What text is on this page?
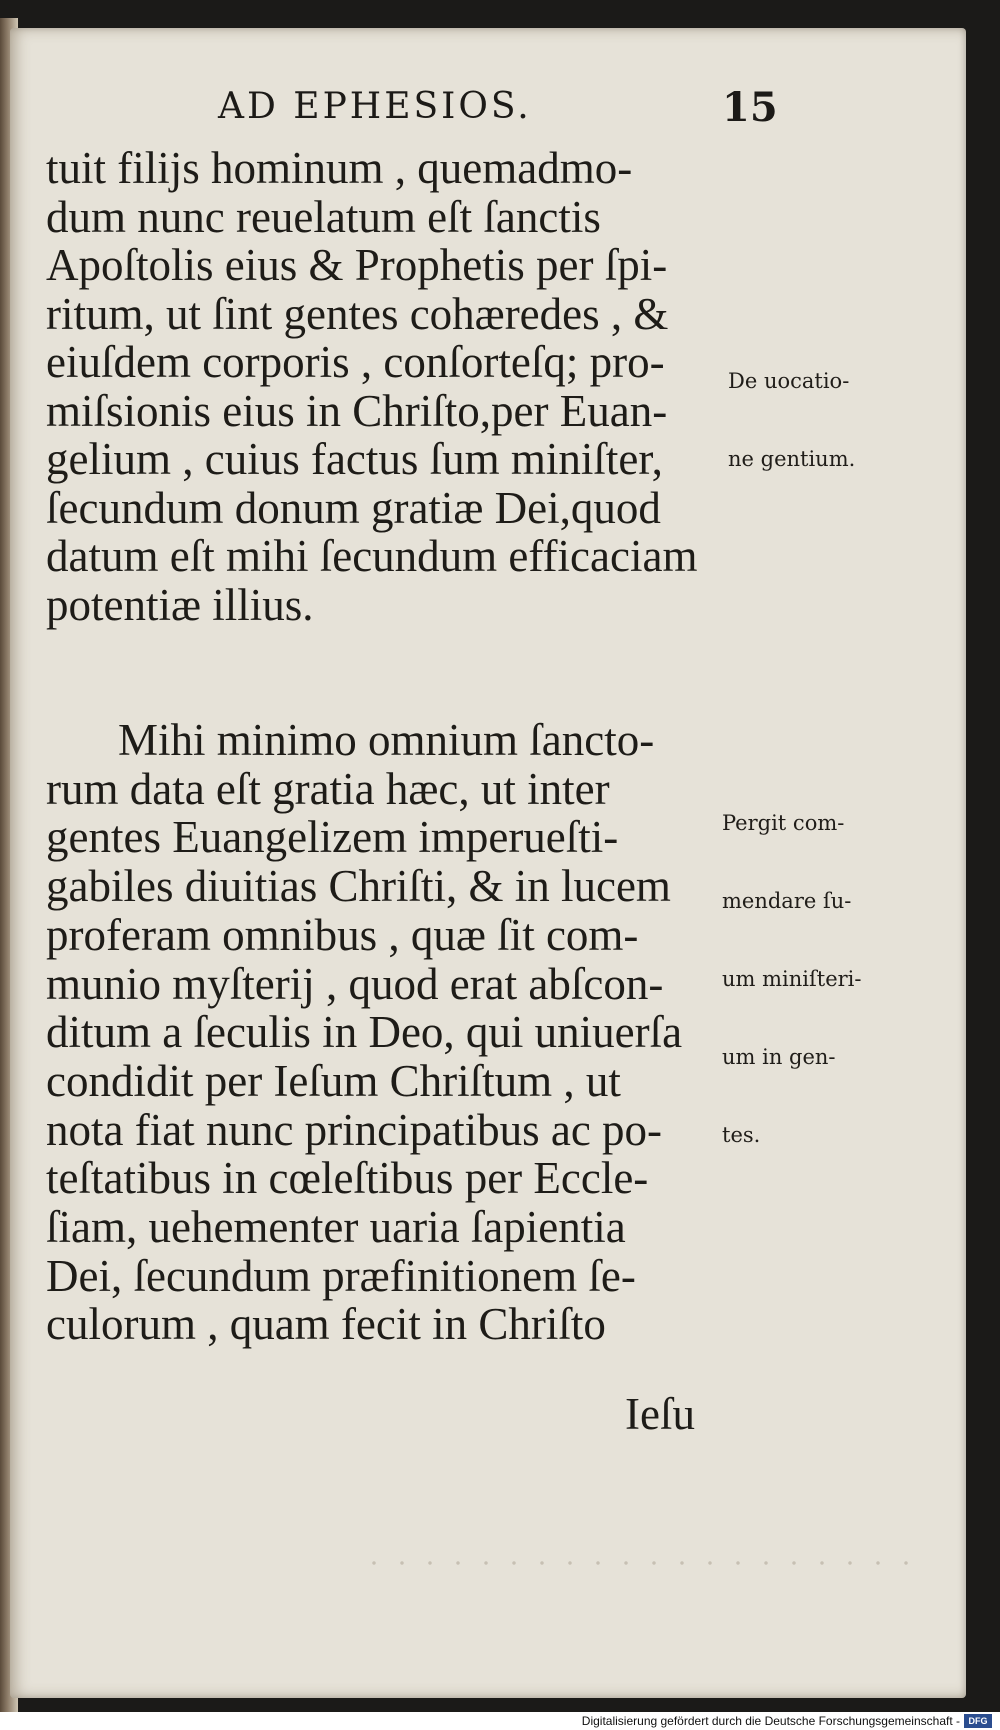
AD EPHESIOS.	15
tuit filijs hominum , quemadmo-
dum nunc reuelatum eſt ſanctis
Apoſtolis eius & Prophetis per ſpi-
ritum, ut ſint gentes cohæredes , &
eiuſdem corporis , conſorteſq; pro-
miſsionis eius in Chriſto,per Euan-
gelium , cuius factus ſum miniſter,
ſecundum donum gratiæ Dei,quod
datum eſt mihi ſecundum efficaciam
potentiæ illius.

De uocatio-

ne gentium.

Mihi minimo omnium ſancto-
rum data eſt gratia hæc, ut inter
gentes Euangelizem imperueſti-
gabiles diuitias Chriſti, & in lucem
proferam omnibus , quæ ſit com-
munio myſterij , quod erat abſcon-
ditum a ſeculis in Deo, qui uniuerſa
condidit per Ieſum Chriſtum , ut
nota fiat nunc principatibus ac po-
teſtatibus in cœleſtibus per Eccle-
ſiam, uehementer uaria ſapientia
Dei, ſecundum præfinitionem ſe-
culorum , quam fecit in Chriſto

Pergit com-

mendare ſu-

um miniſteri-

um in gen-

tes.

Ieſu
Digitalisierung gefördert durch die Deutsche Forschungsgemeinschaft - DFG
